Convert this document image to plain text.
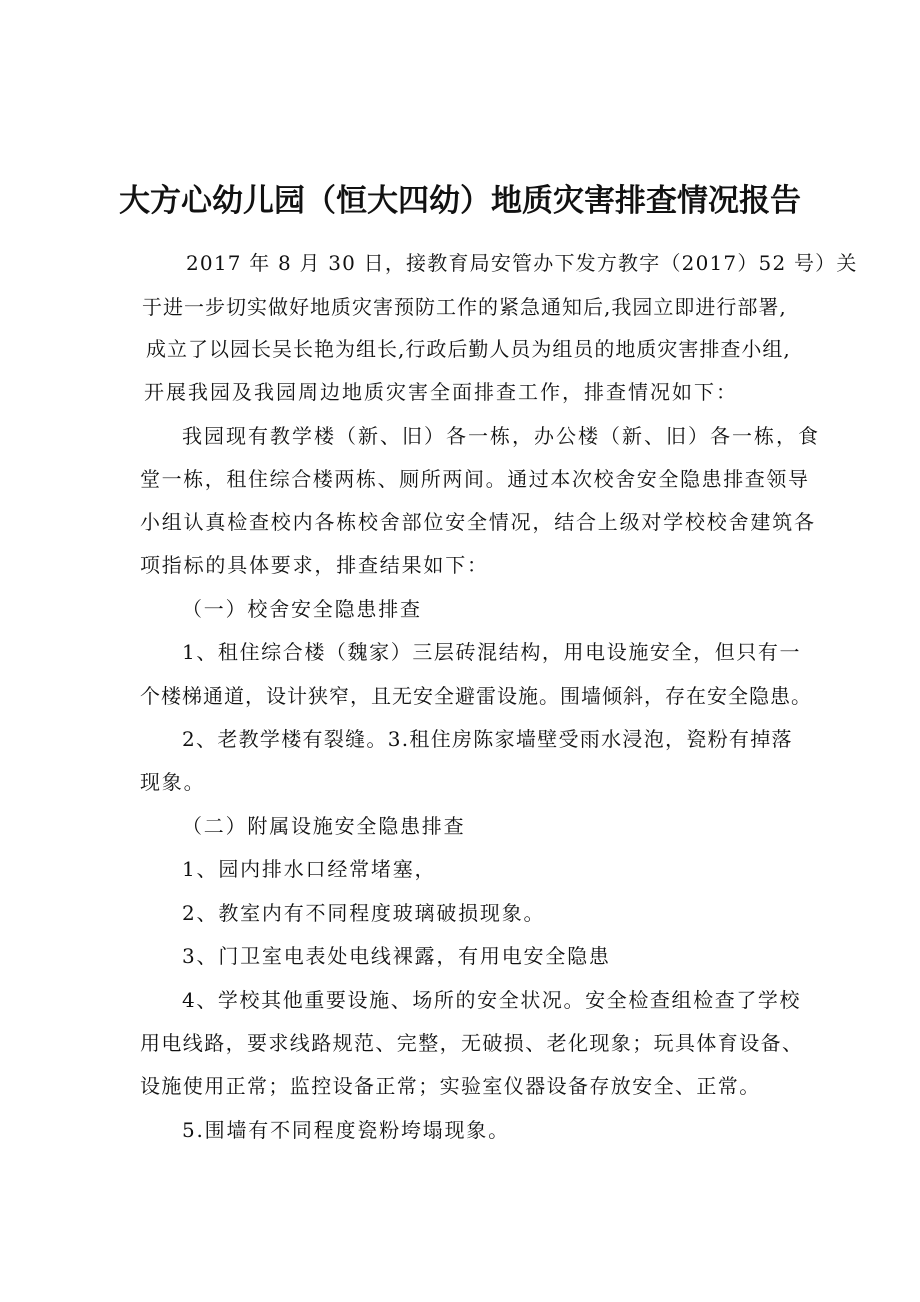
大方心幼儿园（恒大四幼）地质灾害排查情况报告
2017 年 8 月 30 日，接教育局安管办下发方教字（2017）52 号）关
于进一步切实做好地质灾害预防工作的紧急通知后,我园立即进行部署,
成立了以园长吴长艳为组长,行政后勤人员为组员的地质灾害排查小组,
开展我园及我园周边地质灾害全面排查工作，排查情况如下：
我园现有教学楼（新、旧）各一栋，办公楼（新、旧）各一栋，食
堂一栋，租住综合楼两栋、厕所两间。通过本次校舍安全隐患排查领导
小组认真检查校内各栋校舍部位安全情况，结合上级对学校校舍建筑各
项指标的具体要求，排查结果如下：
（一）校舍安全隐患排查
1、租住综合楼（魏家）三层砖混结构，用电设施安全，但只有一
个楼梯通道，设计狭窄，且无安全避雷设施。围墙倾斜，存在安全隐患。
2、老教学楼有裂缝。3.租住房陈家墙壁受雨水浸泡，瓷粉有掉落
现象。
（二）附属设施安全隐患排查
1、园内排水口经常堵塞，
2、教室内有不同程度玻璃破损现象。
3、门卫室电表处电线裸露，有用电安全隐患
4、学校其他重要设施、场所的安全状况。安全检查组检查了学校
用电线路，要求线路规范、完整，无破损、老化现象；玩具体育设备、
设施使用正常；监控设备正常；实验室仪器设备存放安全、正常。
5.围墙有不同程度瓷粉垮塌现象。
